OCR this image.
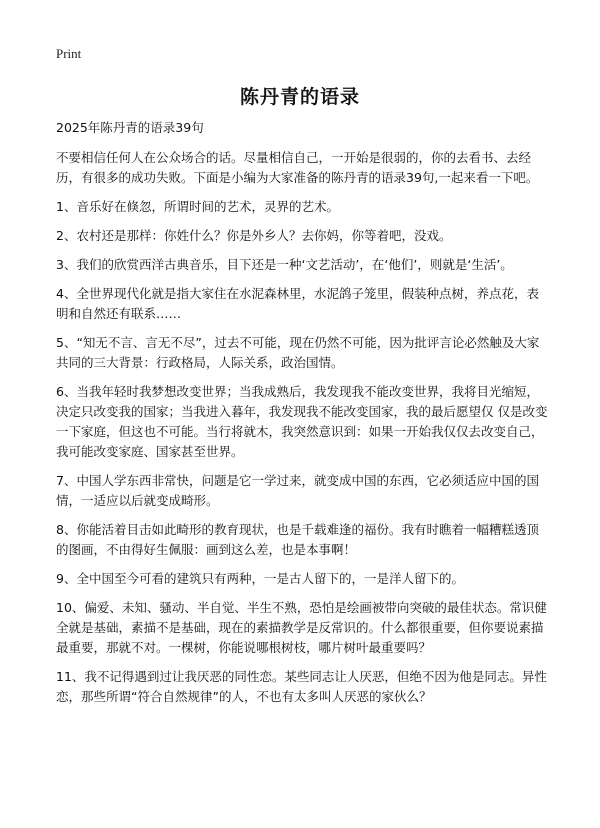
Print
陈丹青的语录

2025年陈丹青的语录39句

不要相信任何人在公众场合的话。尽量相信自己，一开始是很弱的，你的去看书、去经历，有很多的成功失败。下面是小编为大家准备的陈丹青的语录39句,一起来看一下吧。

1、音乐好在倏忽，所谓时间的艺术，灵界的艺术。

2、农村还是那样：你姓什么？你是外乡人？去你妈，你等着吧，没戏。

3、我们的欣赏西洋古典音乐，目下还是一种‘文艺活动’，在‘他们’，则就是‘生活’。

4、全世界现代化就是指大家住在水泥森林里，水泥鸽子笼里，假装种点树，养点花，表明和自然还有联系……

5、“知无不言、言无不尽”，过去不可能，现在仍然不可能，因为批评言论必然触及大家共同的三大背景：行政格局，人际关系，政治国情。

6、当我年轻时我梦想改变世界；当我成熟后，我发现我不能改变世界，我将目光缩短，决定只改变我的国家；当我进入暮年，我发现我不能改变国家，我的最后愿望仅 仅是改变一下家庭，但这也不可能。当行将就木，我突然意识到：如果一开始我仅仅去改变自己，我可能改变家庭、国家甚至世界。

7、中国人学东西非常快，问题是它一学过来，就变成中国的东西，它必须适应中国的国情，一适应以后就变成畸形。

8、你能活着目击如此畸形的教育现状，也是千载难逢的福份。我有时瞧着一幅糟糕透顶的图画，不由得好生佩服：画到这么差，也是本事啊！

9、全中国至今可看的建筑只有两种，一是古人留下的，一是洋人留下的。

10、偏爱、未知、骚动、半自觉、半生不熟，恐怕是绘画被带向突破的最佳状态。常识健全就是基础，素描不是基础，现在的素描教学是反常识的。什么都很重要，但你要说素描最重要，那就不对。一棵树，你能说哪根树枝，哪片树叶最重要吗？

11、我不记得遇到过让我厌恶的同性恋。某些同志让人厌恶，但绝不因为他是同志。异性恋，那些所谓“符合自然规律”的人，不也有太多叫人厌恶的家伙么？
